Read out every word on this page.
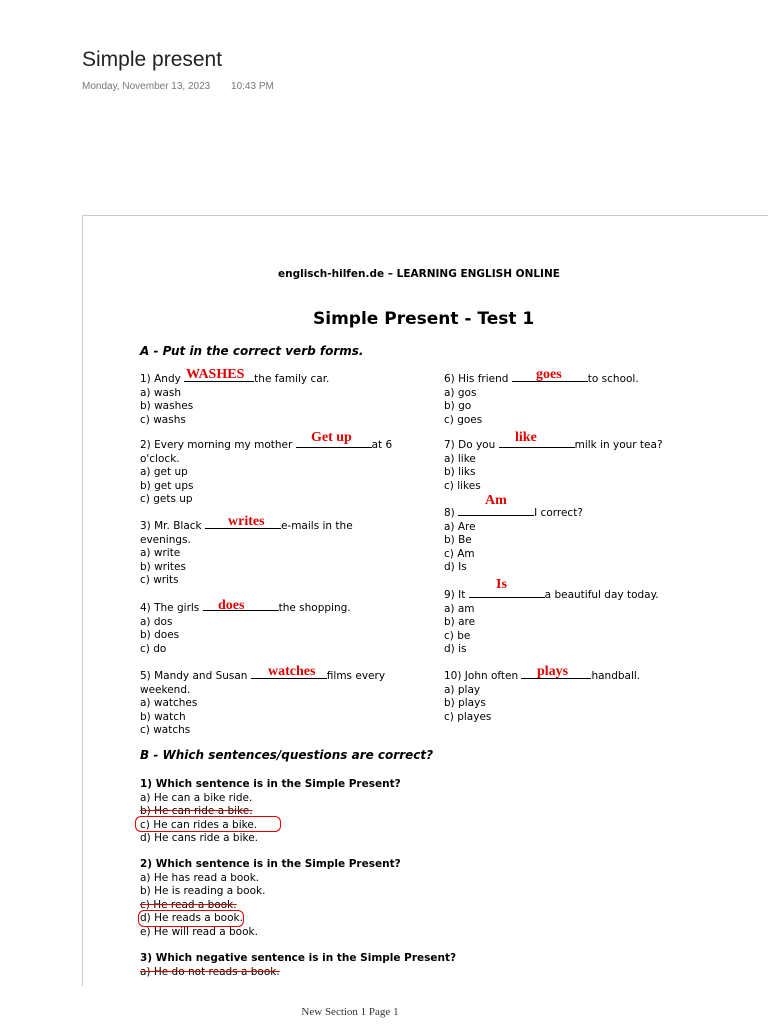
Simple present
Monday, November 13, 2023 10:43 PM
englisch-hilfen.de – LEARNING ENGLISH ONLINE
Simple Present - Test 1
A - Put in the correct verb forms.
1) Andy	the family car.
a) wash
b) washes
c) washs
WASHES
2) Every morning my mother	at 6
o'clock.
a) get up
b) get ups
c) gets up
Get up
3) Mr. Black	e-mails in the
evenings.
a) write
b) writes
c) writs
writes
4) The girls	the shopping.
a) dos
b) does
c) do
does
5) Mandy and Susan	films every
weekend.
a) watches
b) watch
c) watchs
watches
6) His friend	to school.
a) gos
b) go
c) goes
goes
7) Do you	milk in your tea?
a) like
b) liks
c) likes
like
8)	I correct?
a) Are
b) Be
c) Am
d) Is
Am
9) It	a beautiful day today.
a) am
b) are
c) be
d) is
Is
10) John often	handball.
a) play
b) plays
c) playes
plays
B - Which sentences/questions are correct?
1) Which sentence is in the Simple Present?
a) He can a bike ride.
b) He can ride a bike.
c) He can rides a bike.
d) He cans ride a bike.
2) Which sentence is in the Simple Present?
a) He has read a book.
b) He is reading a book.
c) He read a book.
d) He reads a book.
e) He will read a book.
3) Which negative sentence is in the Simple Present?
a) He do not reads a book.
New Section 1 Page 1
